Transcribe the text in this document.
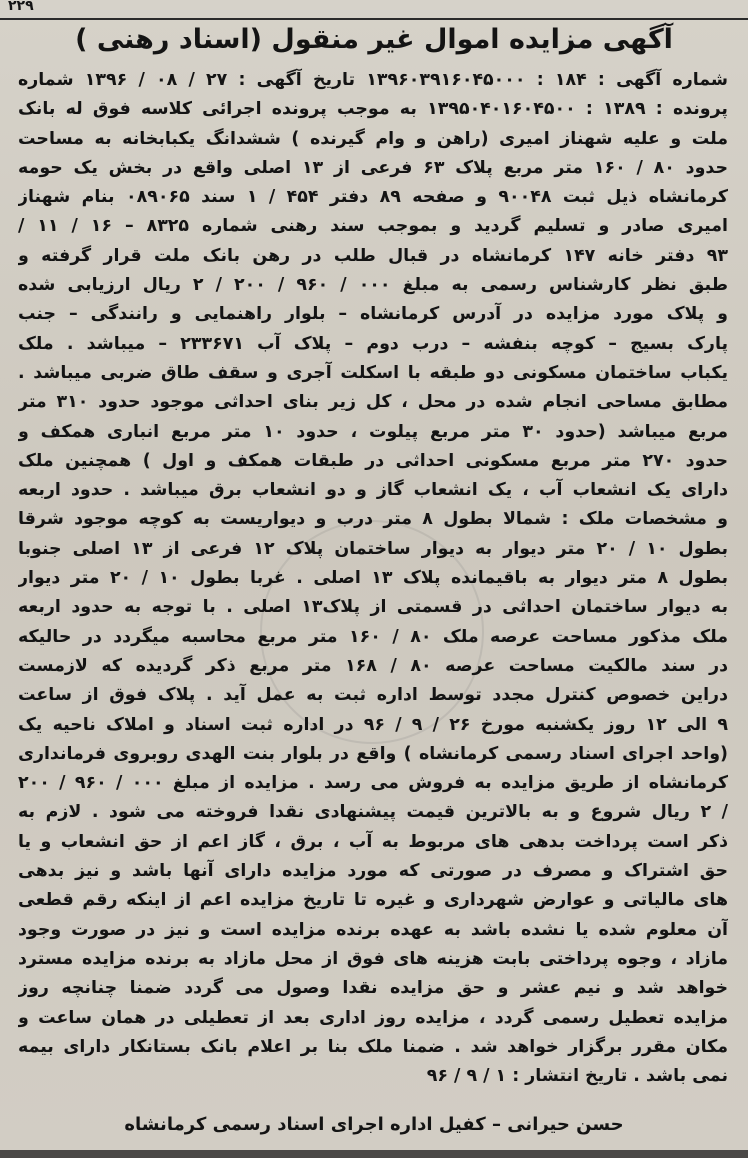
۲۲۹
آگهی مزایده اموال غیر منقول (اسناد رهنی )
شماره آگهی : ۱۸۴ : ۱۳۹۶۰۳۹۱۶۰۴۵۰۰۰ تاریخ آگهی : ۲۷ / ۰۸ / ۱۳۹۶ شماره
پرونده : ۱۳۸۹ : ۱۳۹۵۰۴۰۱۶۰۴۵۰۰ به موجب پرونده اجرائی کلاسه فوق له بانک
ملت و علیه شهناز امیری (راهن و وام گیرنده ) ششدانگ یکبابخانه به مساحت
حدود ۸۰ / ۱۶۰ متر مربع پلاک ۶۳ فرعی از ۱۳ اصلی واقع در بخش یک حومه
کرمانشاه ذیل ثبت ۹۰۰۴۸ و صفحه ۸۹ دفتر ۴۵۴ / ۱ سند ۰۸۹۰۶۵ بنام شهناز
امیری صادر و تسلیم گردید و بموجب سند رهنی شماره ۸۳۲۵ – ۱۶ / ۱۱ /
۹۳ دفتر خانه ۱۴۷ کرمانشاه در قبال طلب در رهن بانک ملت قرار گرفته و
طبق نظر کارشناس رسمی به مبلغ ۰۰۰ / ۹۶۰ / ۲۰۰ / ۲ ریال ارزیابی شده
و پلاک مورد مزایده در آدرس کرمانشاه – بلوار راهنمایی و رانندگی – جنب
پارک بسیج – کوچه بنفشه – درب دوم – پلاک آب ۲۳۳۶۷۱ – میباشد . ملک
یکباب ساختمان مسکونی دو طبقه با اسکلت آجری و سقف طاق ضربی میباشد .
مطابق مساحی انجام شده در محل ، کل زیر بنای احداثی موجود حدود ۳۱۰ متر
مربع میباشد (حدود ۳۰ متر مربع پیلوت ، حدود ۱۰ متر مربع انباری همکف و
حدود ۲۷۰ متر مربع مسکونی احداثی در طبقات همکف و اول ) همچنین ملک
دارای یک انشعاب آب ، یک انشعاب گاز و دو انشعاب برق میباشد . حدود اربعه
و مشخصات ملک : شمالا بطول ۸ متر درب و دیواریست به کوچه موجود شرقا
بطول ۱۰ / ۲۰ متر دیوار به دیوار ساختمان پلاک ۱۲ فرعی از ۱۳ اصلی جنوبا
بطول ۸ متر دیوار به باقیمانده پلاک ۱۳ اصلی . غربا بطول ۱۰ / ۲۰ متر دیوار
به دیوار ساختمان احداثی در قسمتی از پلاک۱۳ اصلی . با توجه به حدود اربعه
ملک مذکور مساحت عرصه ملک ۸۰ / ۱۶۰ متر مربع محاسبه میگردد در حالیکه
در سند مالکیت مساحت عرصه ۸۰ / ۱۶۸ متر مربع ذکر گردیده که لازمست
دراین خصوص کنترل مجدد توسط اداره ثبت به عمل آید . پلاک فوق از ساعت
۹ الی ۱۲ روز یکشنبه مورخ ۲۶ / ۹ / ۹۶ در اداره ثبت اسناد و املاک ناحیه یک
(واحد اجرای اسناد رسمی کرمانشاه ) واقع در بلوار بنت الهدی روبروی فرمانداری
کرمانشاه از طریق مزایده به فروش می رسد . مزایده از مبلغ ۰۰۰ / ۹۶۰ / ۲۰۰
/ ۲ ریال شروع و به بالاترین قیمت پیشنهادی نقدا فروخته می شود . لازم به
ذکر است پرداخت بدهی های مربوط به آب ، برق ، گاز اعم از حق انشعاب و یا
حق اشتراک و مصرف در صورتی که مورد مزایده دارای آنها باشد و نیز بدهی
های مالیاتی و عوارض شهرداری و غیره تا تاریخ مزایده اعم از اینکه رقم قطعی
آن معلوم شده یا نشده باشد به عهده برنده مزایده است و نیز در صورت وجود
مازاد ، وجوه پرداختی بابت هزینه های فوق از محل مازاد به برنده مزایده مسترد
خواهد شد و نیم عشر و حق مزایده نقدا وصول می گردد ضمنا چنانچه روز
مزایده تعطیل رسمی گردد ، مزایده روز اداری بعد از تعطیلی در همان ساعت و
مکان مقرر برگزار خواهد شد . ضمنا ملک بنا بر اعلام بانک بستانکار دارای بیمه
نمی باشد . تاریخ انتشار : ۱ / ۹ / ۹۶
حسن حیرانی – کفیل اداره اجرای اسناد رسمی کرمانشاه
